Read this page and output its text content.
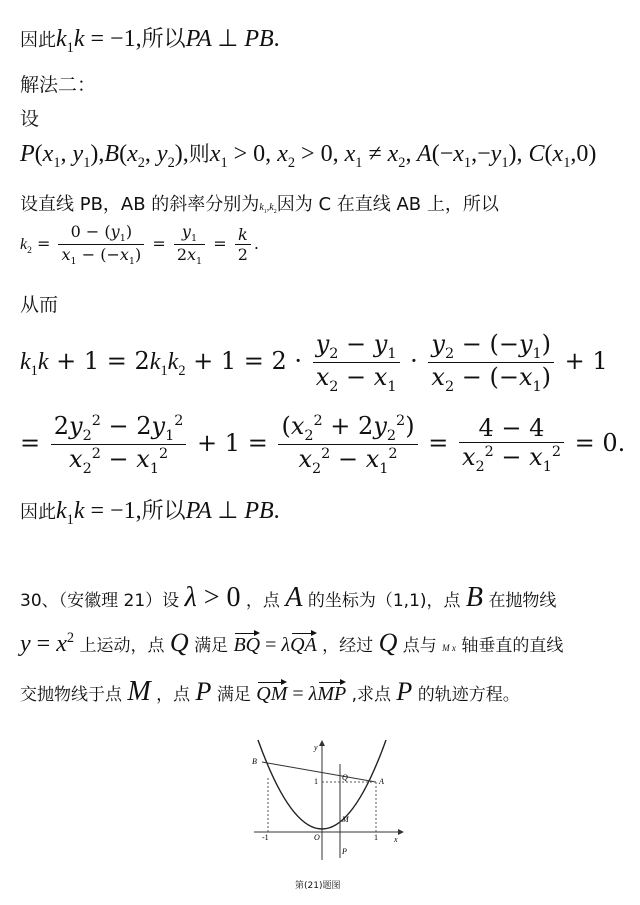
因此$k_1k = -1$,所以PA ⊥ PB.
解法二：
设
$P(x_1$, $y_1),B(x_2$, $y_2$),则$x_1 > 0$, $x_2 > 0$, $x_1 \ne x_2$, $A(-x_1,-y_1)$, $C(x_1,0)$
设直线 PB，AB 的斜率分别为$k_1,k_2$因为 C 在直线 AB 上，所以
$k_2 = \frac{0 - (y_1)}{x_1 - (-x_1)} = \frac{y_1}{2x_1} = \frac{k}{2}$ .
从而
$k_1k + 1 = 2k_1k_2 + 1 = 2 \cdot \frac{y_2 - y_1}{x_2 - x_1} \cdot \frac{y_2 - (-y_1)}{x_2 - (-x_1)} + 1$
= $\frac{2y_2^2 - 2y_1^2}{x_2^2 - x_1^2} + 1 = \frac{(x_2^2 + 2y_2^2)}{x_2^2 - x_1^2} = \frac{4 - 4}{x_2^2 - x_1^2} = 0$.
因此$k_1k = -1$,所以PA ⊥ PB.
30、（安徽理 21）设 λ > 0 ，点 A 的坐标为（1,1)，点 B 在抛物线
$y = x^2$ 上运动，点 Q 满足 BQ = λQA ，经过 Q 点与 M x 轴垂直的直线
交抛物线于点 M ，点 P 满足 QM = λMP ,求点 P 的轨迹方程。
y
B
A
1	Q
M
O
P
-1	1 x
第(21)题图
